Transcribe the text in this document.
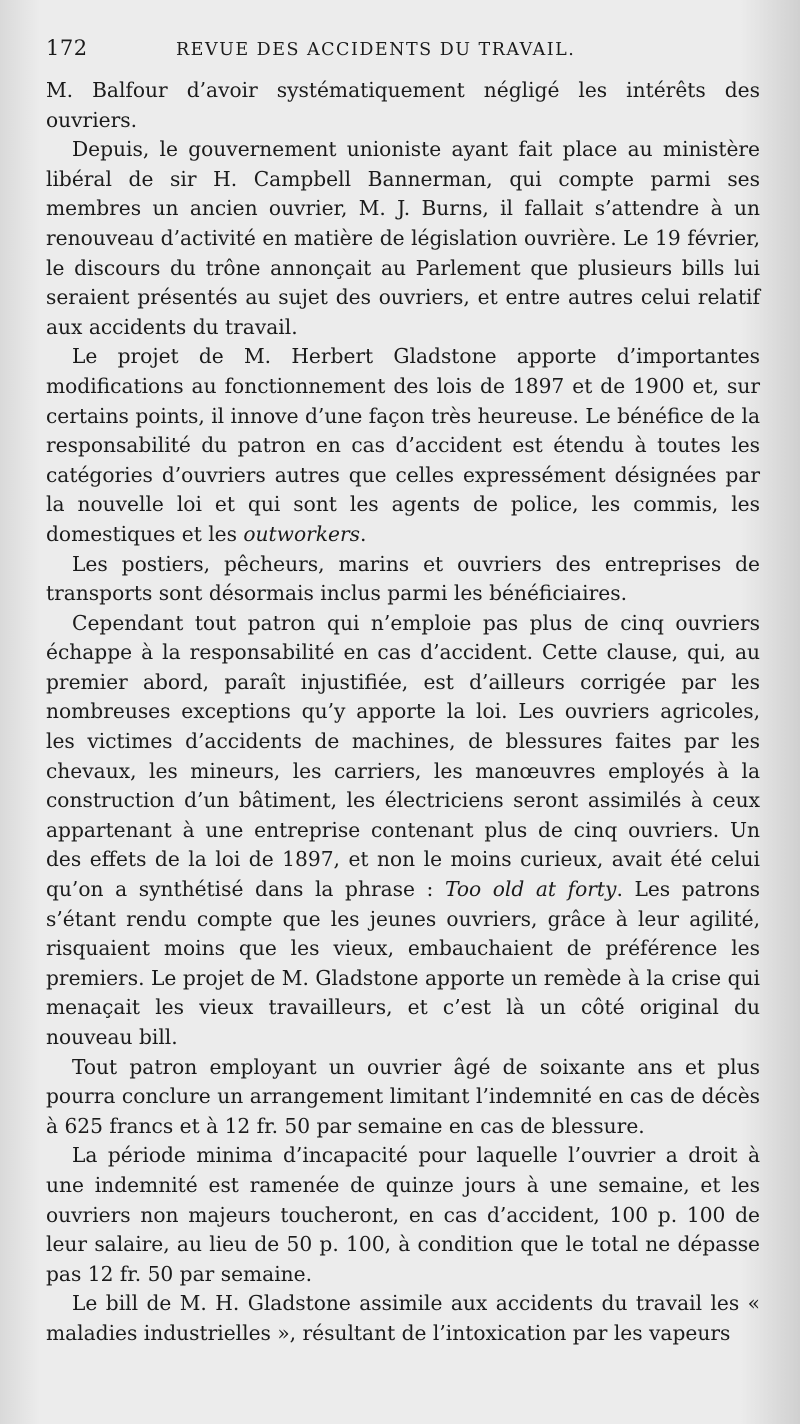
172	REVUE DES ACCIDENTS DU TRAVAIL.

M. Balfour d’avoir systématiquement négligé les intérêts des ouvriers.

Depuis, le gouvernement unioniste ayant fait place au ministère libéral de sir H. Campbell Bannerman, qui compte parmi ses membres un ancien ouvrier, M. J. Burns, il fallait s’attendre à un renouveau d’activité en matière de législation ouvrière. Le 19 février, le discours du trône annonçait au Parlement que plusieurs bills lui seraient présentés au sujet des ouvriers, et entre autres celui relatif aux accidents du travail.

Le projet de M. Herbert Gladstone apporte d’importantes modifications au fonctionnement des lois de 1897 et de 1900 et, sur certains points, il innove d’une façon très heureuse. Le bénéfice de la responsabilité du patron en cas d’accident est étendu à toutes les catégories d’ouvriers autres que celles expressément désignées par la nouvelle loi et qui sont les agents de police, les commis, les domestiques et les outworkers.

Les postiers, pêcheurs, marins et ouvriers des entreprises de transports sont désormais inclus parmi les bénéficiaires.

Cependant tout patron qui n’emploie pas plus de cinq ouvriers échappe à la responsabilité en cas d’accident. Cette clause, qui, au premier abord, paraît injustifiée, est d’ailleurs corrigée par les nombreuses exceptions qu’y apporte la loi. Les ouvriers agricoles, les victimes d’accidents de machines, de blessures faites par les chevaux, les mineurs, les carriers, les manœuvres employés à la construction d’un bâtiment, les électriciens seront assimilés à ceux appartenant à une entreprise contenant plus de cinq ouvriers. Un des effets de la loi de 1897, et non le moins curieux, avait été celui qu’on a synthétisé dans la phrase : Too old at forty. Les patrons s’étant rendu compte que les jeunes ouvriers, grâce à leur agilité, risquaient moins que les vieux, embauchaient de préférence les premiers. Le projet de M. Gladstone apporte un remède à la crise qui menaçait les vieux travailleurs, et c’est là un côté original du nouveau bill.

Tout patron employant un ouvrier âgé de soixante ans et plus pourra conclure un arrangement limitant l’indemnité en cas de décès à 625 francs et à 12 fr. 50 par semaine en cas de blessure.

La période minima d’incapacité pour laquelle l’ouvrier a droit à une indemnité est ramenée de quinze jours à une semaine, et les ouvriers non majeurs toucheront, en cas d’accident, 100 p. 100 de leur salaire, au lieu de 50 p. 100, à condition que le total ne dépasse pas 12 fr. 50 par semaine.

Le bill de M. H. Gladstone assimile aux accidents du travail les « maladies industrielles », résultant de l’intoxication par les vapeurs
